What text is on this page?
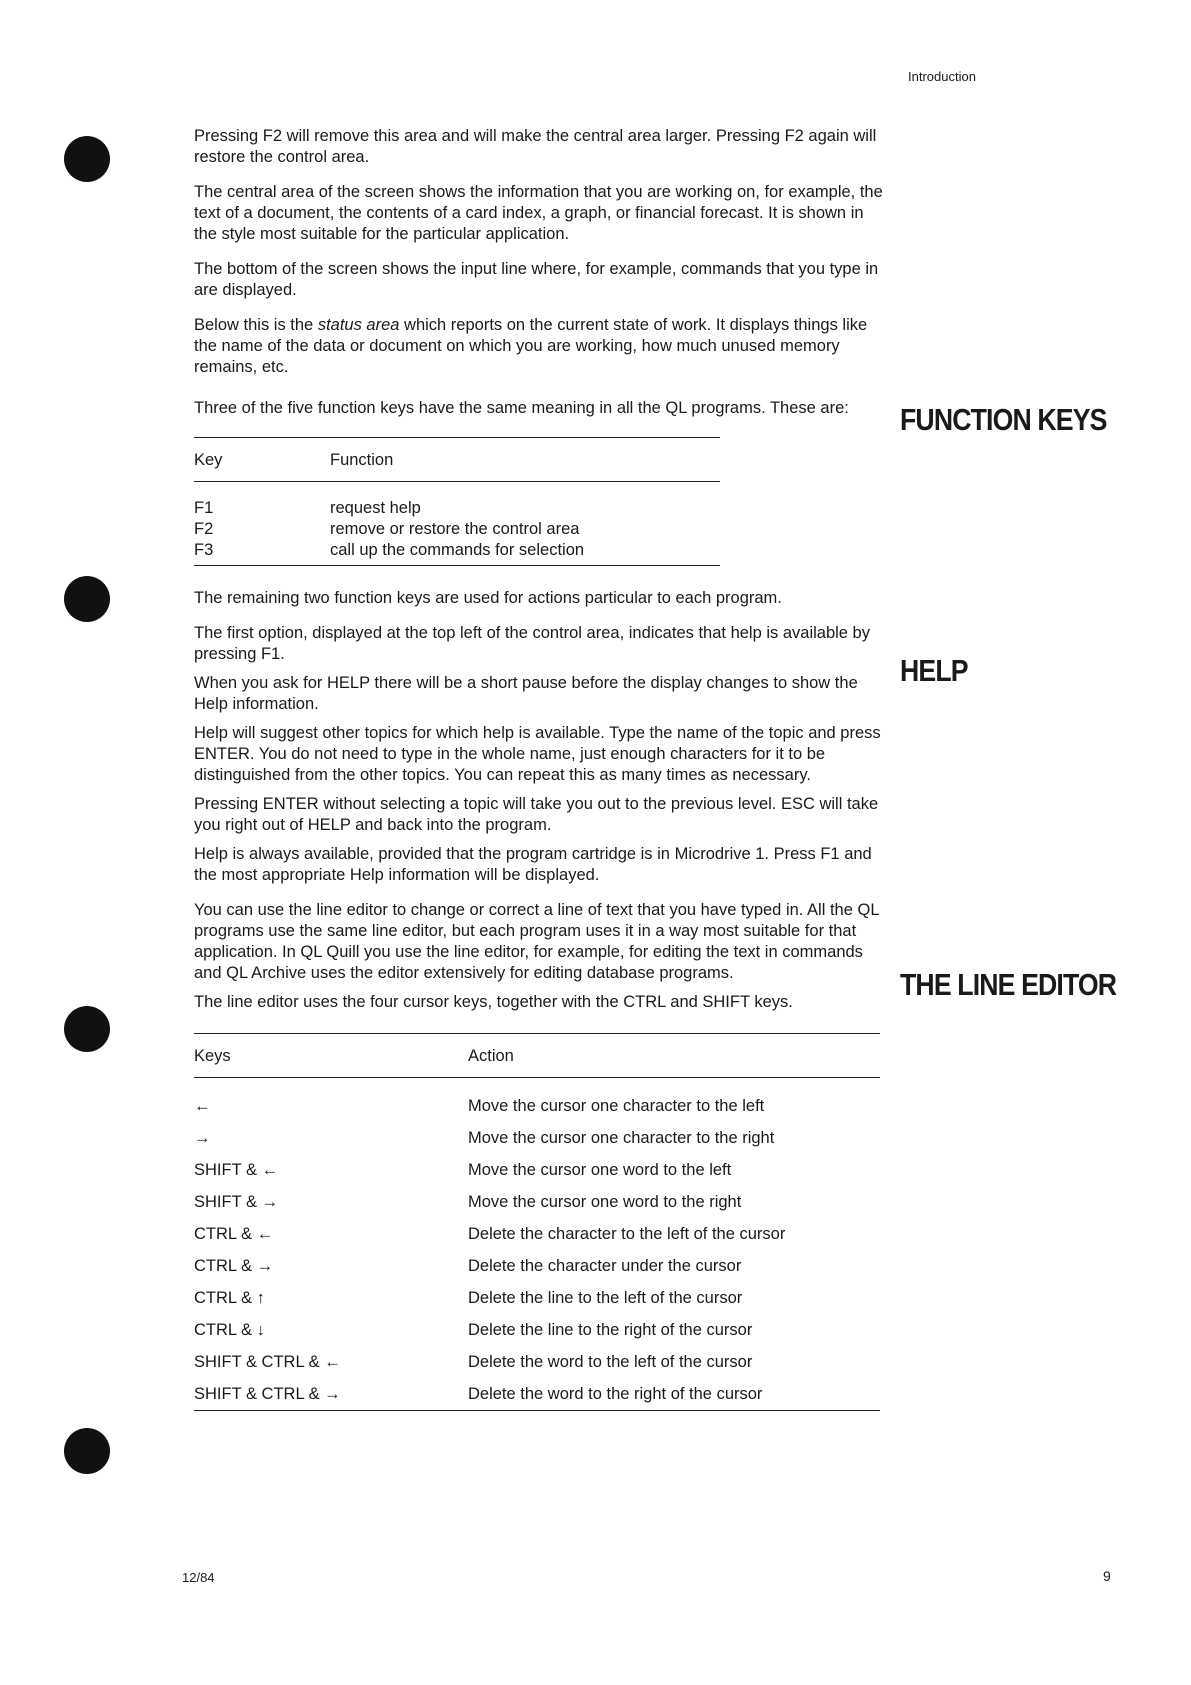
Introduction
FUNCTION KEYS
HELP
THE LINE EDITOR

Pressing F2 will remove this area and will make the central area larger. Pressing F2 again will restore the control area.

The central area of the screen shows the information that you are working on, for example, the text of a document, the contents of a card index, a graph, or financial forecast. It is shown in the style most suitable for the particular application.

The bottom of the screen shows the input line where, for example, commands that you type in are displayed.

Below this is the status area which reports on the current state of work. It displays things like the name of the data or document on which you are working, how much unused memory remains, etc.

Three of the five function keys have the same meaning in all the QL programs. These are:

Key	Function
F1	request help
F2	remove or restore the control area
F3	call up the commands for selection

The remaining two function keys are used for actions particular to each program.

The first option, displayed at the top left of the control area, indicates that help is available by pressing F1.

When you ask for HELP there will be a short pause before the display changes to show the Help information.

Help will suggest other topics for which help is available. Type the name of the topic and press ENTER. You do not need to type in the whole name, just enough characters for it to be distinguished from the other topics. You can repeat this as many times as necessary.

Pressing ENTER without selecting a topic will take you out to the previous level. ESC will take you right out of HELP and back into the program.

Help is always available, provided that the program cartridge is in Microdrive 1. Press F1 and the most appropriate Help information will be displayed.

You can use the line editor to change or correct a line of text that you have typed in. All the QL programs use the same line editor, but each program uses it in a way most suitable for that application. In QL Quill you use the line editor, for example, for editing the text in commands and QL Archive uses the editor extensively for editing database programs.

The line editor uses the four cursor keys, together with the CTRL and SHIFT keys.

Keys	Action
←	Move the cursor one character to the left
→	Move the cursor one character to the right
SHIFT & ←	Move the cursor one word to the left
SHIFT & →	Move the cursor one word to the right
CTRL & ←	Delete the character to the left of the cursor
CTRL & →	Delete the character under the cursor
CTRL & ↑	Delete the line to the left of the cursor
CTRL & ↓	Delete the line to the right of the cursor
SHIFT & CTRL & ←	Delete the word to the left of the cursor
SHIFT & CTRL & →	Delete the word to the right of the cursor
12/84	9
